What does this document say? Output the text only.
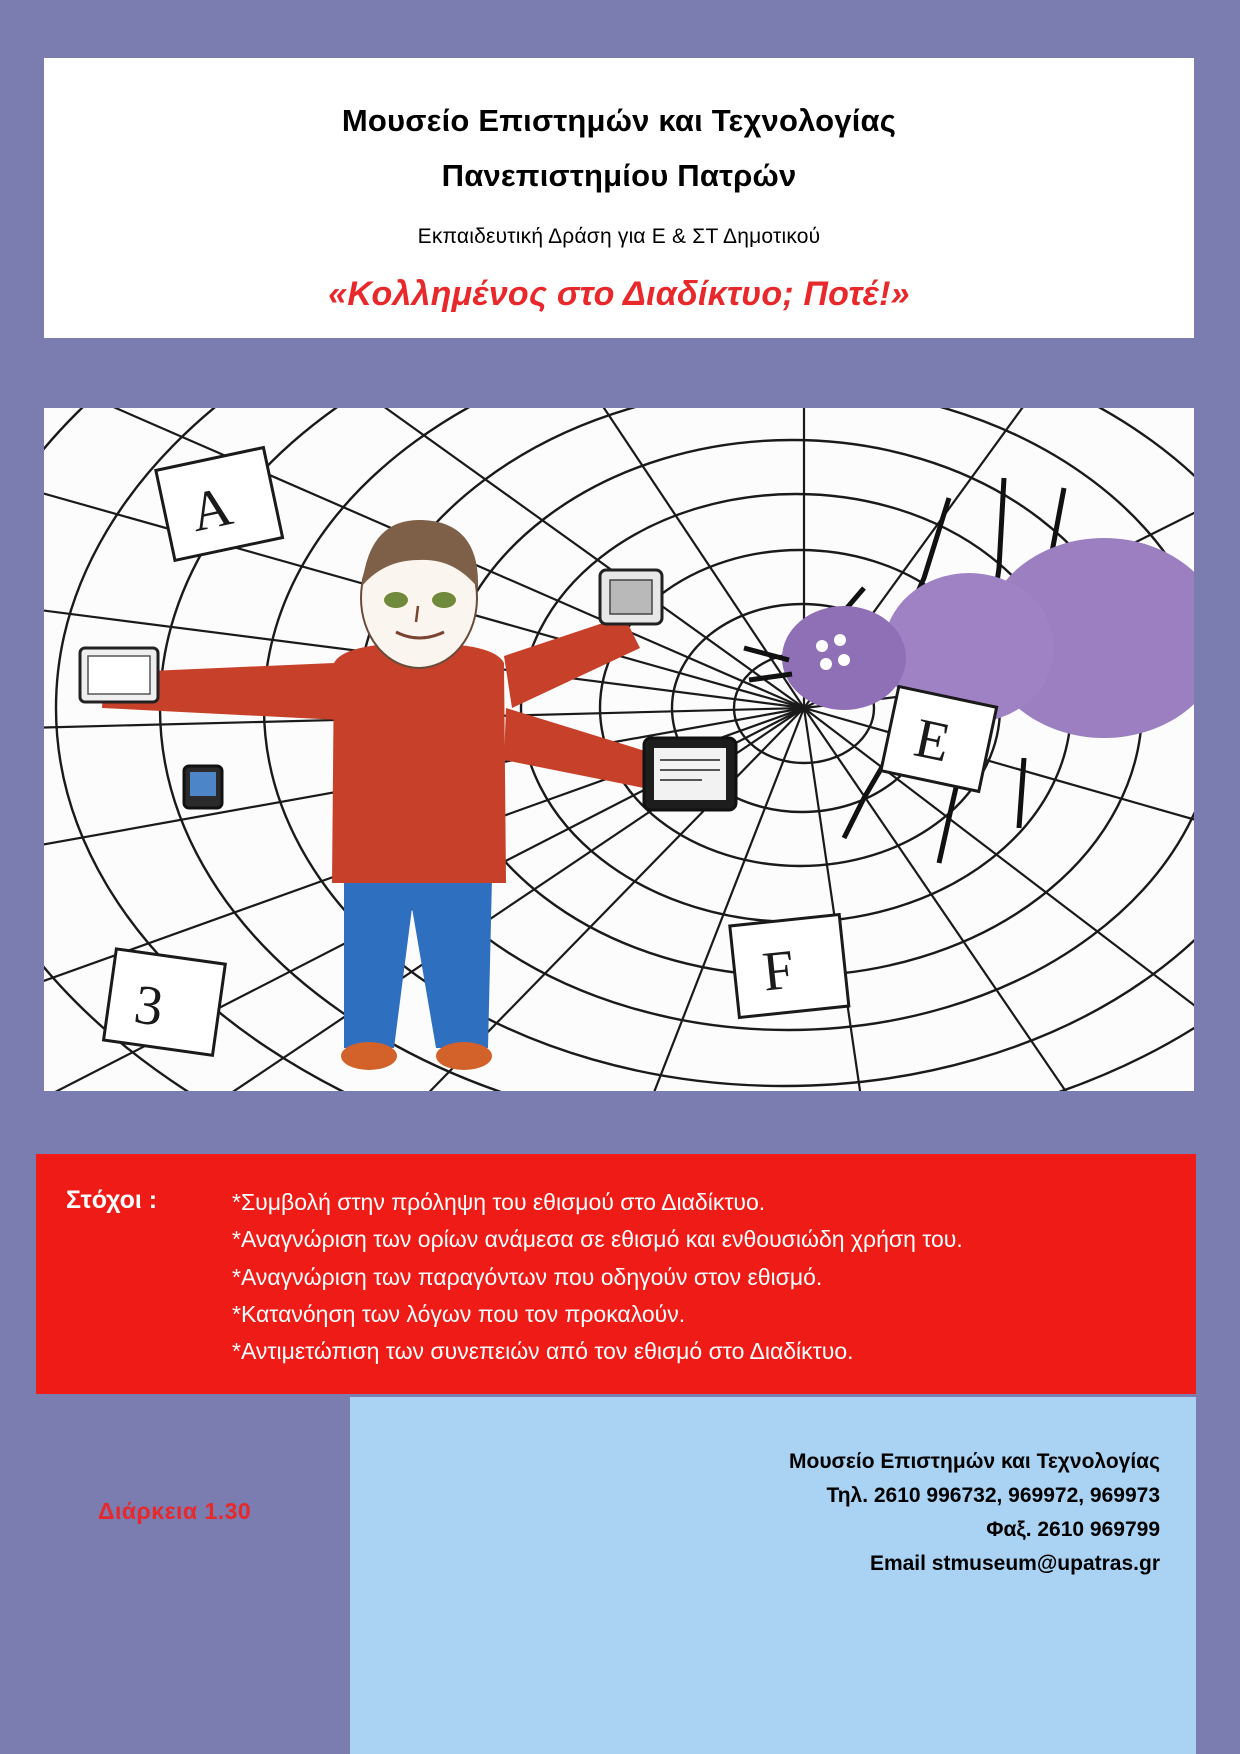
Μουσείο Επιστημών και Τεχνολογίας
Πανεπιστημίου Πατρών
Εκπαιδευτική Δράση για Ε & ΣΤ Δημοτικού
«Κολλημένος στο Διαδίκτυο; Ποτέ!»
A
E
F
3
Στόχοι :	*Συμβολή στην πρόληψη του εθισμού στο Διαδίκτυο.
*Αναγνώριση των ορίων ανάμεσα σε εθισμό και ενθουσιώδη χρήση του.
*Αναγνώριση των παραγόντων που οδηγούν στον εθισμό.
*Κατανόηση των λόγων που τον προκαλούν.
*Αντιμετώπιση των συνεπειών από τον εθισμό στο Διαδίκτυο.
Μουσείο Επιστημών και Τεχνολογίας
Τηλ. 2610 996732, 969972, 969973
Φαξ. 2610 969799
Email stmuseum@upatras.gr
Διάρκεια 1.30
